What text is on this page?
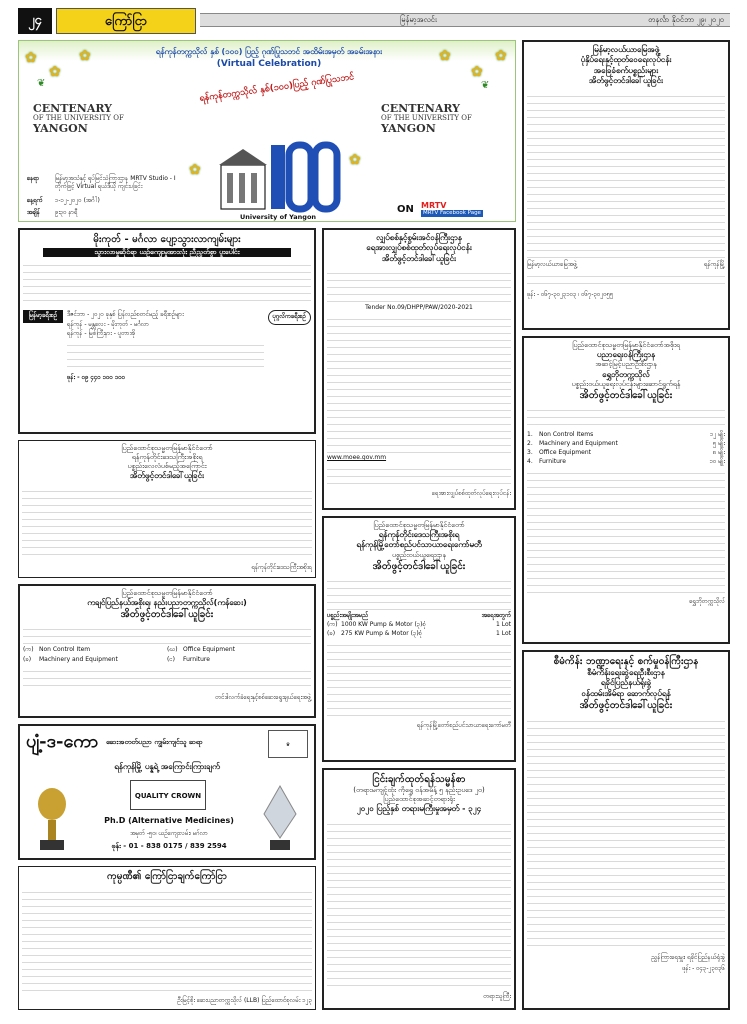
၂၄	ကြော်ငြာ	မြန်မာ့အလင်း	တနင်္လာ နိုဝင်ဘာ ၂၉၊ ၂၀၂၀
✿
✿
✿
❦
✿
✿
✿
❦
✿
✿
ရန်ကုန်တက္ကသိုလ် နှစ် (၁၀၀) ပြည့် ဂုဏ်ပြုသဘင် အထိမ်းအမှတ် အခမ်းအနား
(Virtual Celebration)
CENTENARY
OF THE UNIVERSITY OF
YANGON
CENTENARY
OF THE UNIVERSITY OF
YANGON
ရန်ကုန်တက္ကသိုလ် နှစ်(၁၀၀)ပြည့် ဂုဏ်ပြုသဘင်
University of Yangon
နေရာ	မြန်မာ့အသံနှင့် ရုပ်မြင်သံကြားဌာန MRTV Studio - I တိုက်ဖြင့် Virtual ရယ်ဒီယို ကျင်းပခြင်း
နေ့ရက်	၁-၁၂-၂၀၂၀ (အင်္ဂါ)
အချိန်	၉း၃၀ နာရီ	ON MRTV
MRTV Facebook Page
မိုးကုတ် - မင်္ဂလာ ပျော့သွားလာကျမ်းများ
သွားလာမှုဆိုင်ရာ ယဉ်ကျေးမှုအားလုံး ညီညွတ်စွာ ပူးပေါင်း
မြန်မာ့ခရီးစဉ်	ဒီဇင်ဘာ - ၂၀၂၀ ခုနှစ် ပြန်လည်စတင်မည့် ခရီးစဉ်များ
ရန်ကုန် - မန္တလေး - မိုးကုတ် - မင်္ဂလာ
ရန်ကုန် - မြစ်ကြီးနား - ပူတာအို
ဖုန်း - ၀၉ ၄၄၀ ၁၀၀ ၁၀၀
ပုဂ္ဂလိကခရီးစဉ်
ပြည်ထောင်စုသမ္မတမြန်မာနိုင်ငံတော်
ရန်ကုန်တိုင်းဒေသကြီးအစိုးရ
ပစ္စည်းလေလံပစ်မည့်အကြောင်း
အိတ်ဖွင့်တင်ဒါခေါ်ယူခြင်း
ရန်ကုန်တိုင်းဒေသကြီးအစိုးရ
ပြည်ထောင်စုသမ္မတမြန်မာနိုင်ငံတော်
ကချင်ပြည်နယ်အစိုးရ၊ နည်းပညာတက္ကသိုလ်(ကန်ဆေး)
အိတ်ဖွင့်တင်ဒါခေါ်ယူခြင်း
(က) Non Control Item	(ဃ) Office Equipment
(ခ)	Machinery and Equipment	(င)	Furniture
တင်ဒါလက်ခံရေးနှင့်စစ်ဆေးရွေးချယ်ရေးအဖွဲ့
ပျံ့-ဒ-ကော ဆေးအတတ်ပညာ ကျွမ်းကျင်သူ ဆရာ	♛
ရန်ကုန်မြို့ ပန္နရဲ့ အကြောင်းကြားချက်
QUALITY CROWN
Ph.D (Alternative Medicines)
အမှတ် -၅၀၊ ယဉ်ကျေးလမ်း၊ မဂ်လာ
ဖုန်း - 01 - 838 0175 / 839 2594
ကုမ္ပဏီ၏ ကြော်ငြာချက်ကြော်ငြာ
ဦးမြင့်စိုး ဆေးပညာတက္ကသိုလ် (LLB) ပြည်ထောင်စုလမ်း ၁၂၃
လျှပ်စစ်နှင့်စွမ်းအင်ဝန်ကြီးဌာန
ရေအားလျှပ်စစ်ထုတ်လုပ်ရေးလုပ်ငန်း
အိတ်ဖွင့်တင်ဒါခေါ်ယူခြင်း
Tender No.09/DHPP/PAW/2020-2021
www.moee.gov.mm
ရေအားလျှပ်စစ်ထုတ်လုပ်ရေးလုပ်ငန်း
ပြည်ထောင်စုသမ္မတမြန်မာနိုင်ငံတော်
ရန်ကုန်တိုင်းဒေသကြီးအစိုးရ
ရန်ကုန်မြို့တော်စည်ပင်သာယာရေးကော်မတီ
ပစ္စည်းဝယ်ယူရေးဌာန
အိတ်ဖွင့်တင်ဒါခေါ်ယူခြင်း
ပစ္စည်းအမျိုးအမည်	အရေအတွက်
(က) 1000 KW Pump & Motor (၃)စုံ	1 Lot
(ခ) 275 KW Pump & Motor (၃)စုံ	1 Lot
ရန်ကုန်မြို့တော်စည်ပင်သာယာရေးကော်မတီ
ငြင်းချက်ထုတ်ရန်သမ္မန်စာ
(တရားမကျင့်ထုံး ကိုရွှေ ၀န်အမိန့် ၅ နည်းဥပဒေ ၂၀)
ပြည်ထောင်စုအဆင့်တရားရုံး
၂၀၂၀ ပြည့်နှစ် တရားမကြီးမှုအမှတ် - ၃၂၄
တရားသူကြီး
မြန်မာ့လယ်ယာမြေအဖွဲ့
ပုံနှိပ်ရေးနှင့်ထုတ်ဝေရေးလုပ်ငန်း
အခြေခံစက်ပစ္စည်းများ
အိတ်ဖွင့်တင်ဒါခေါ်ယူခြင်း
မြန်မာ့လယ်ယာမြေအဖွဲ့	ရန်ကုန်မြို့
ဖုန်း - ၀၆၇-၃၀၂၃၁၀၃ ၊ ၀၆၇-၃၀၂၀၅၅
ပြည်ထောင်စုသမ္မတမြန်မာနိုင်ငံတော်အစိုးရ
ပညာရေးဝန်ကြီးဌာန
အဆင့်မြင့်ပညာဦးစီးဌာန
ရွှေဘိုတက္ကသိုလ်
ပစ္စည်းဝယ်ယူရေးလုပ်ငန်းများဆောင်ရွက်ရန်
အိတ်ဖွင့်တင်ဒါခေါ်ယူခြင်း
1.	Non Control Items	၁၂ မျိုး
2.	Machinery and Equipment	၅ မျိုး
3.	Office Equipment	၈ မျိုး
4.	Furniture	၁၀ မျိုး
ရွှေဘိုတက္ကသိုလ်
စီမံကိန်း ဘဏ္ဍာရေးနှင့် စက်မှုဝန်ကြီးဌာန
စီမံကိန်းရေးဆွဲရေးဦးစီးဌာန
ရခိုင်ပြည်နယ်ရုံးခွဲ
ဝန်ထမ်းအိမ်ရာ ဆောက်လုပ်ရန်
အိတ်ဖွင့်တင်ဒါခေါ်ယူခြင်း
ညွှန်ကြားရေးမှူး၊ ရခိုင်ပြည်နယ်ရုံးခွဲ
ဖုန်း - ၀၄၃-၂၃၀၃၆
